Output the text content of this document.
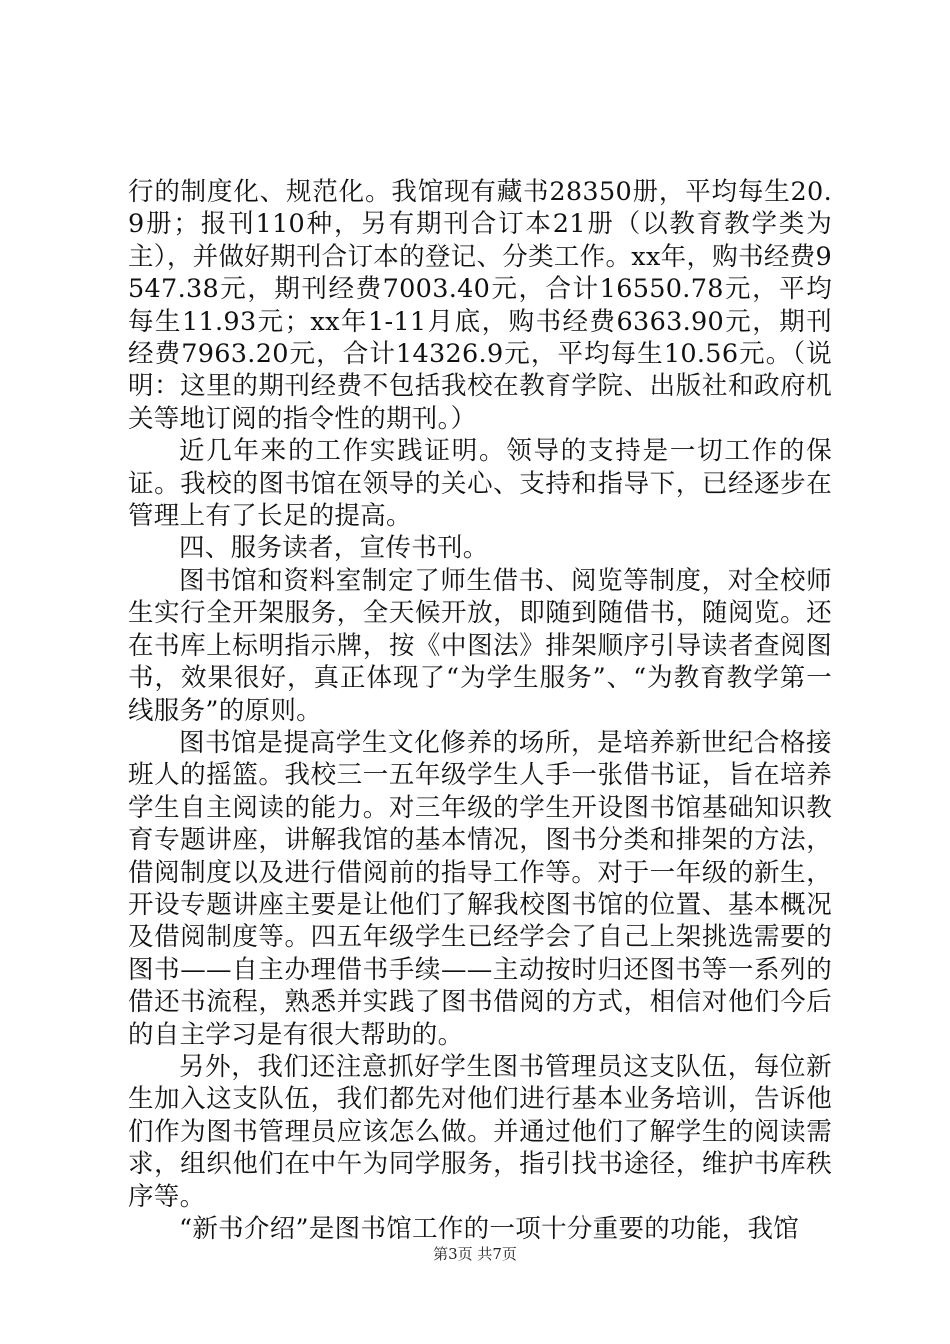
行的制度化、规范化。我馆现有藏书28350册，平均每生20.9册；报刊110种，另有期刊合订本21册（以教育教学类为主），并做好期刊合订本的登记、分类工作。xx年，购书经费9547.38元，期刊经费7003.40元，合计16550.78元，平均每生11.93元；xx年1-11月底，购书经费6363.90元，期刊经费7963.20元，合计14326.9元，平均每生10.56元。（说明：这里的期刊经费不包括我校在教育学院、出版社和政府机关等地订阅的指令性的期刊。）

近几年来的工作实践证明。领导的支持是一切工作的保证。我校的图书馆在领导的关心、支持和指导下，已经逐步在管理上有了长足的提高。

四、服务读者，宣传书刊。

图书馆和资料室制定了师生借书、阅览等制度，对全校师生实行全开架服务，全天候开放，即随到随借书，随阅览。还在书库上标明指示牌，按《中图法》排架顺序引导读者查阅图书，效果很好，真正体现了“为学生服务”、“为教育教学第一线服务”的原则。

图书馆是提高学生文化修养的场所，是培养新世纪合格接班人的摇篮。我校三一五年级学生人手一张借书证，旨在培养学生自主阅读的能力。对三年级的学生开设图书馆基础知识教育专题讲座，讲解我馆的基本情况，图书分类和排架的方法，借阅制度以及进行借阅前的指导工作等。对于一年级的新生，开设专题讲座主要是让他们了解我校图书馆的位置、基本概况及借阅制度等。四五年级学生已经学会了自己上架挑选需要的图书——自主办理借书手续——主动按时归还图书等一系列的借还书流程，熟悉并实践了图书借阅的方式，相信对他们今后的自主学习是有很大帮助的。

另外，我们还注意抓好学生图书管理员这支队伍，每位新生加入这支队伍，我们都先对他们进行基本业务培训，告诉他们作为图书管理员应该怎么做。并通过他们了解学生的阅读需求，组织他们在中午为同学服务，指引找书途径，维护书库秩序等。

“新书介绍”是图书馆工作的一项十分重要的功能，我馆

第3页 共7页
